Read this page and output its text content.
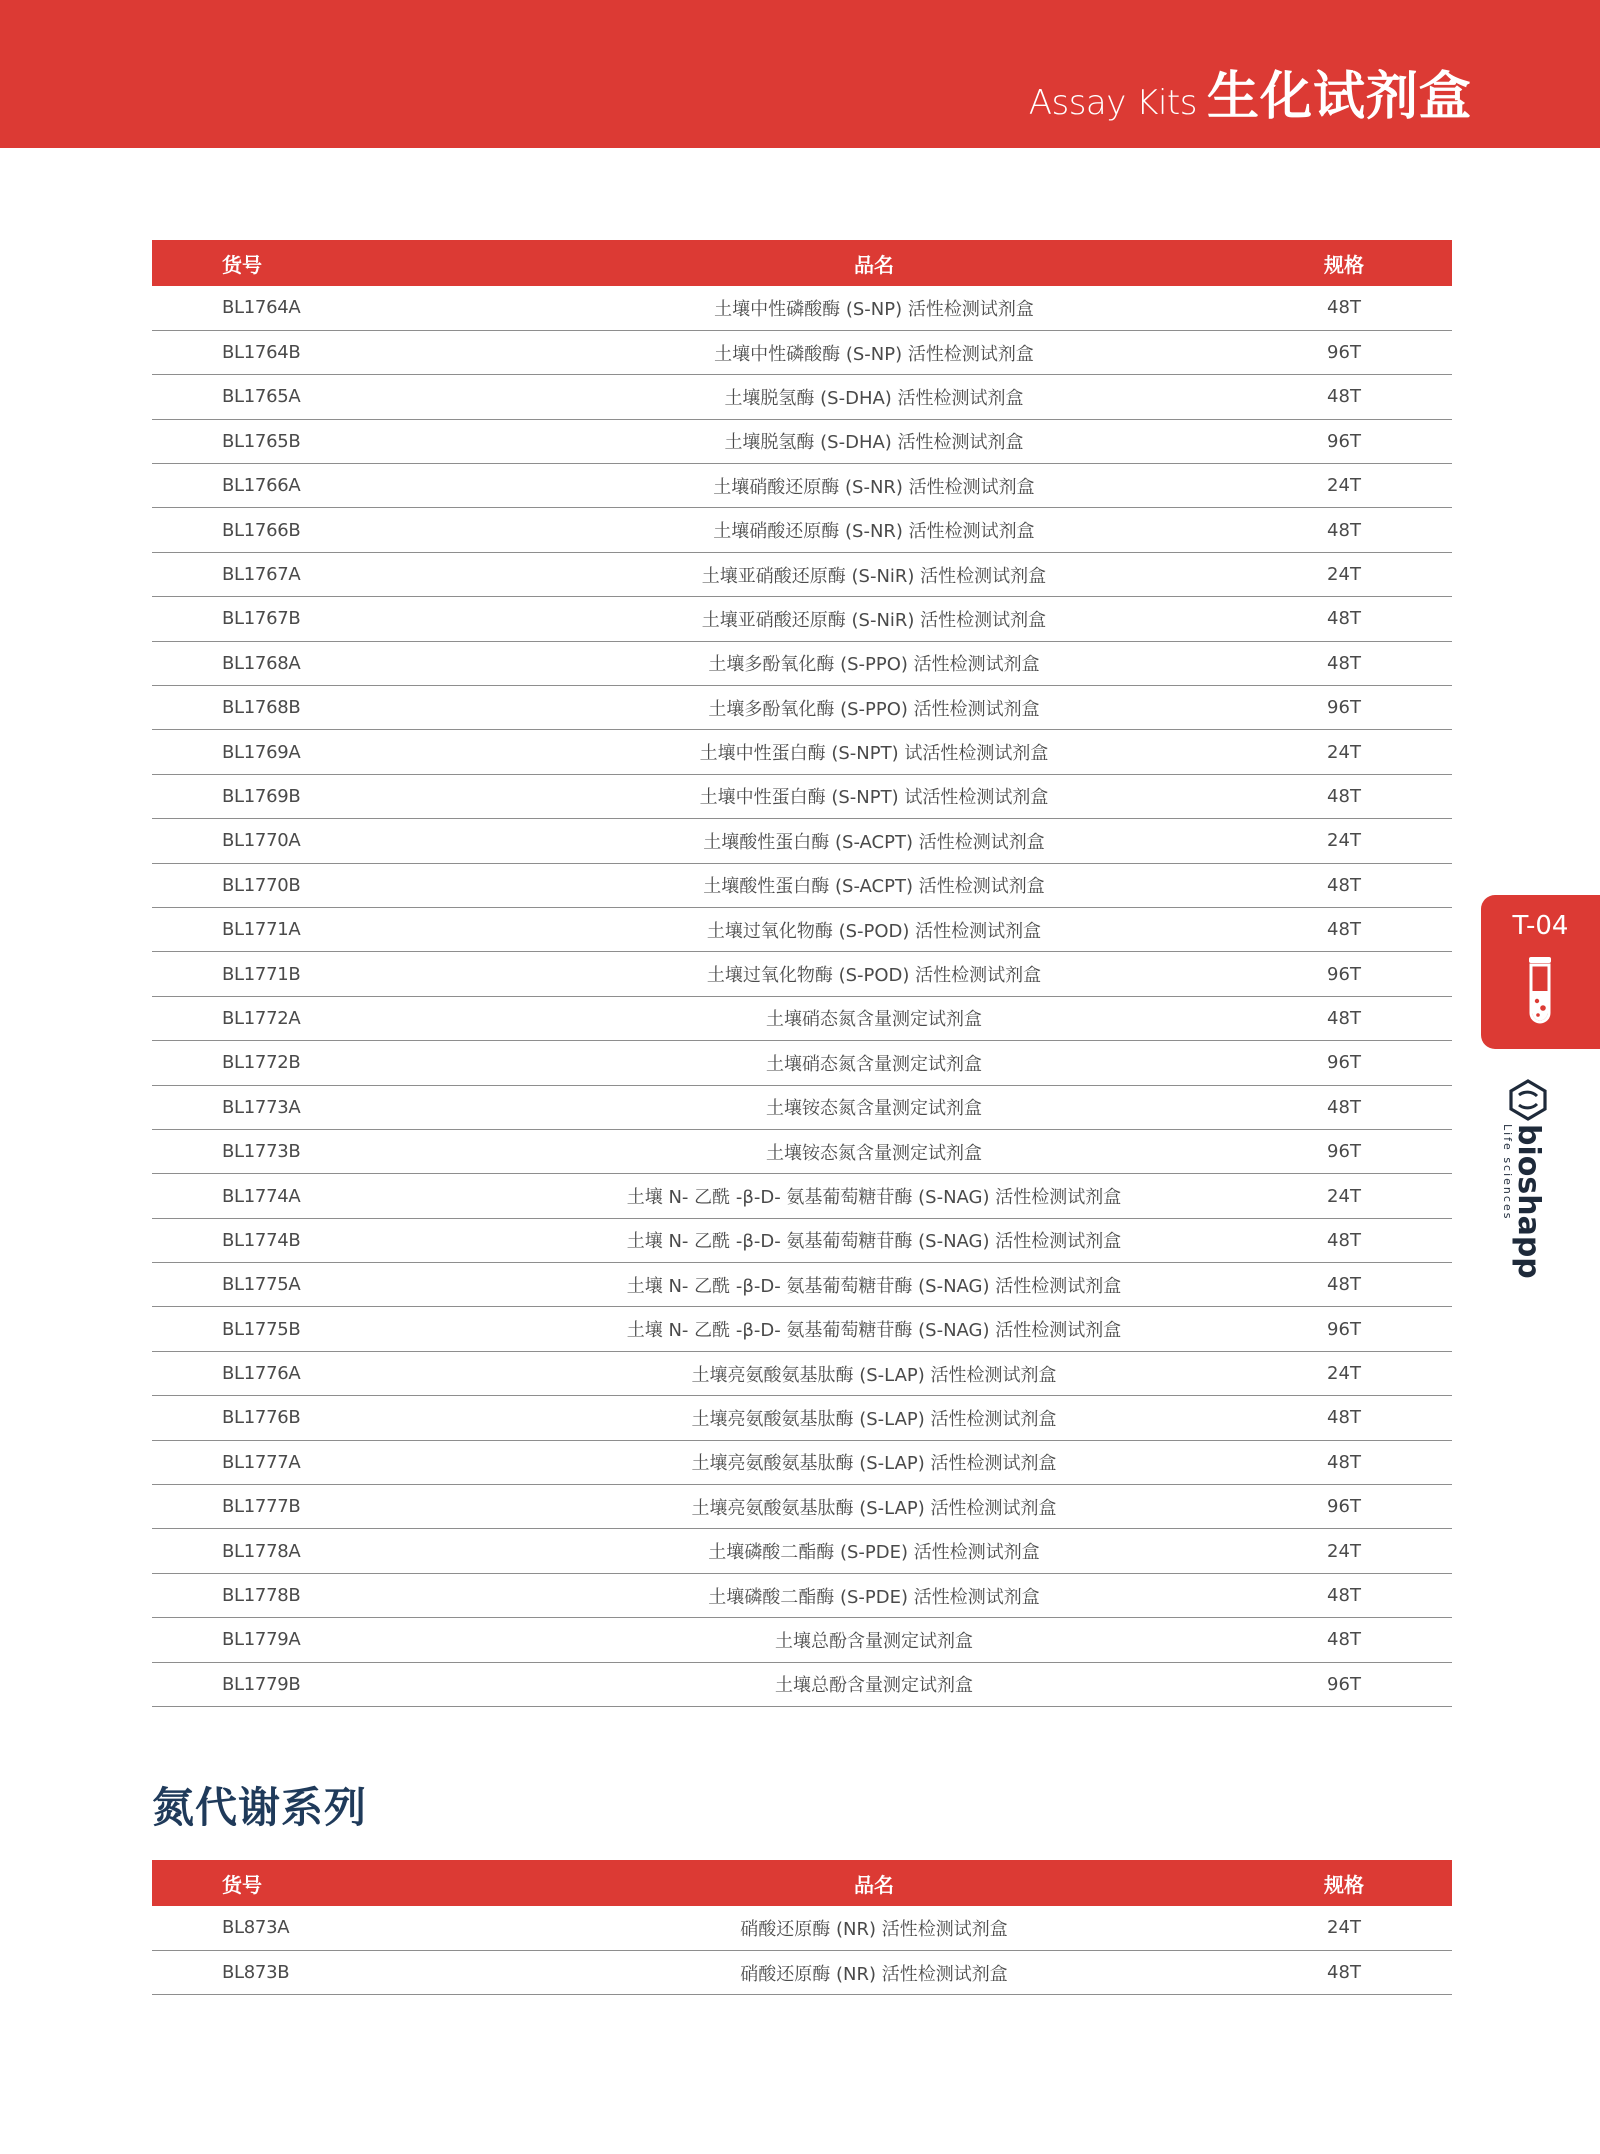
Assay Kits 生化试剂盒
货号	品名	规格
BL1764A	土壤中性磷酸酶 (S-NP) 活性检测试剂盒	48T
BL1764B	土壤中性磷酸酶 (S-NP) 活性检测试剂盒	96T
BL1765A	土壤脱氢酶 (S-DHA) 活性检测试剂盒	48T
BL1765B	土壤脱氢酶 (S-DHA) 活性检测试剂盒	96T
BL1766A	土壤硝酸还原酶 (S-NR) 活性检测试剂盒	24T
BL1766B	土壤硝酸还原酶 (S-NR) 活性检测试剂盒	48T
BL1767A	土壤亚硝酸还原酶 (S-NiR) 活性检测试剂盒	24T
BL1767B	土壤亚硝酸还原酶 (S-NiR) 活性检测试剂盒	48T
BL1768A	土壤多酚氧化酶 (S-PPO) 活性检测试剂盒	48T
BL1768B	土壤多酚氧化酶 (S-PPO) 活性检测试剂盒	96T
BL1769A	土壤中性蛋白酶 (S-NPT) 试活性检测试剂盒	24T
BL1769B	土壤中性蛋白酶 (S-NPT) 试活性检测试剂盒	48T
BL1770A	土壤酸性蛋白酶 (S-ACPT) 活性检测试剂盒	24T
BL1770B	土壤酸性蛋白酶 (S-ACPT) 活性检测试剂盒	48T
BL1771A	土壤过氧化物酶 (S-POD) 活性检测试剂盒	48T
BL1771B	土壤过氧化物酶 (S-POD) 活性检测试剂盒	96T
BL1772A	土壤硝态氮含量测定试剂盒	48T
BL1772B	土壤硝态氮含量测定试剂盒	96T
BL1773A	土壤铵态氮含量测定试剂盒	48T
BL1773B	土壤铵态氮含量测定试剂盒	96T
BL1774A	土壤 N- 乙酰 -β-D- 氨基葡萄糖苷酶 (S-NAG) 活性检测试剂盒	24T
BL1774B	土壤 N- 乙酰 -β-D- 氨基葡萄糖苷酶 (S-NAG) 活性检测试剂盒	48T
BL1775A	土壤 N- 乙酰 -β-D- 氨基葡萄糖苷酶 (S-NAG) 活性检测试剂盒	48T
BL1775B	土壤 N- 乙酰 -β-D- 氨基葡萄糖苷酶 (S-NAG) 活性检测试剂盒	96T
BL1776A	土壤亮氨酸氨基肽酶 (S-LAP) 活性检测试剂盒	24T
BL1776B	土壤亮氨酸氨基肽酶 (S-LAP) 活性检测试剂盒	48T
BL1777A	土壤亮氨酸氨基肽酶 (S-LAP) 活性检测试剂盒	48T
BL1777B	土壤亮氨酸氨基肽酶 (S-LAP) 活性检测试剂盒	96T
BL1778A	土壤磷酸二酯酶 (S-PDE) 活性检测试剂盒	24T
BL1778B	土壤磷酸二酯酶 (S-PDE) 活性检测试剂盒	48T
BL1779A	土壤总酚含量测定试剂盒	48T
BL1779B	土壤总酚含量测定试剂盒	96T
氮代谢系列
货号	品名	规格
BL873A	硝酸还原酶 (NR) 活性检测试剂盒	24T
BL873B	硝酸还原酶 (NR) 活性检测试剂盒	48T
T-04
bioshарp
Life sciences
